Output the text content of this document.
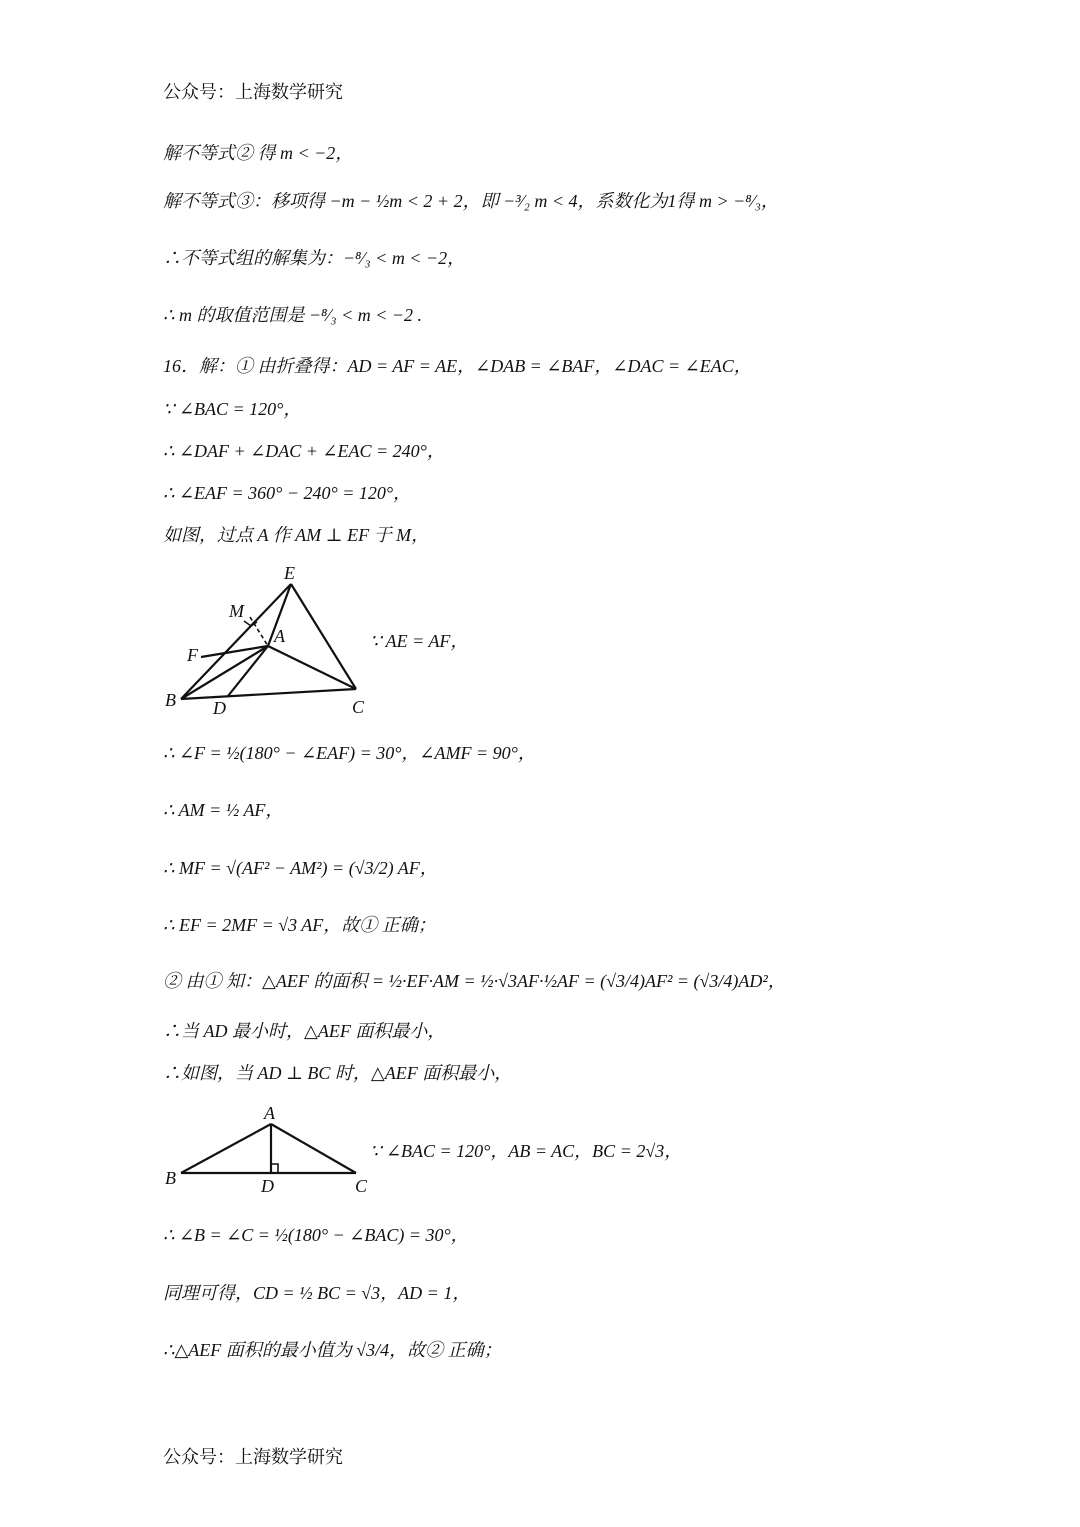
公众号：上海数学研究
解不等式② 得 m < −2，
解不等式③：移项得 −m − ½m < 2 + 2，即 −³⁄₂ m < 4，系数化为1得 m > −⁸⁄₃，
∴不等式组的解集为：−⁸⁄₃ < m < −2，
∴ m 的取值范围是 −⁸⁄₃ < m < −2 .
16．解：① 由折叠得：AD = AF = AE，∠DAB = ∠BAF，∠DAC = ∠EAC，
∵ ∠BAC = 120°，
∴ ∠DAF + ∠DAC + ∠EAC = 240°，
∴ ∠EAF = 360° − 240° = 120°，
如图，过点 A 作 AM ⊥ EF 于 M，
E
M
A
F
B D	C
∵ AE = AF，
∴ ∠F = ½(180° − ∠EAF) = 30°，∠AMF = 90°，
∴ AM = ½ AF，
∴ MF = √(AF² − AM²) = (√3/2) AF，
∴ EF = 2MF = √3 AF，故① 正确；
② 由① 知：△AEF 的面积 = ½·EF·AM = ½·√3AF·½AF = (√3/4)AF² = (√3/4)AD²，
∴当 AD 最小时，△AEF 面积最小，
∴如图，当 AD ⊥ BC 时，△AEF 面积最小，
A
B	D	C
∵ ∠BAC = 120°，AB = AC，BC = 2√3，
∴ ∠B = ∠C = ½(180° − ∠BAC) = 30°，
同理可得，CD = ½ BC = √3，AD = 1，
∴△AEF 面积的最小值为 √3/4，故② 正确；
公众号：上海数学研究
